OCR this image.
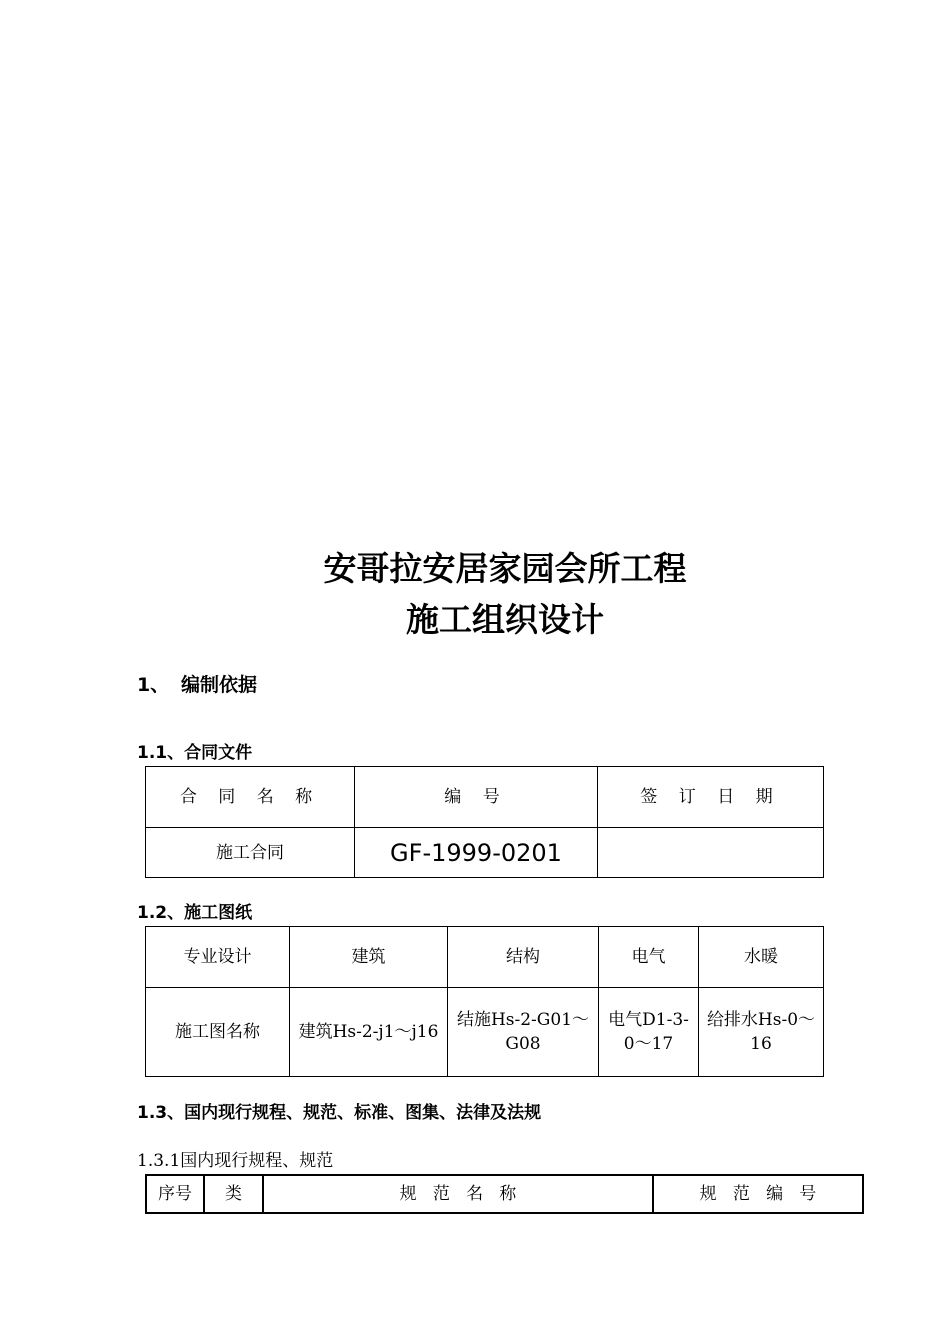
安哥拉安居家园会所工程
施工组织设计
1、 编制依据
1.1、合同文件
合 同 名 称	编 号	签 订 日 期
施工合同	GF-1999-0201	
1.2、施工图纸
专业设计	建筑	结构	电气	水暖
施工图名称	建筑Hs-2-j1～j16	结施Hs-2-G01～G08	电气D1-3-0～17	给排水Hs-0～16
1.3、国内现行规程、规范、标准、图集、法律及法规
1.3.1国内现行规程、规范
序号	类	规   范   名   称	规   范   编   号
